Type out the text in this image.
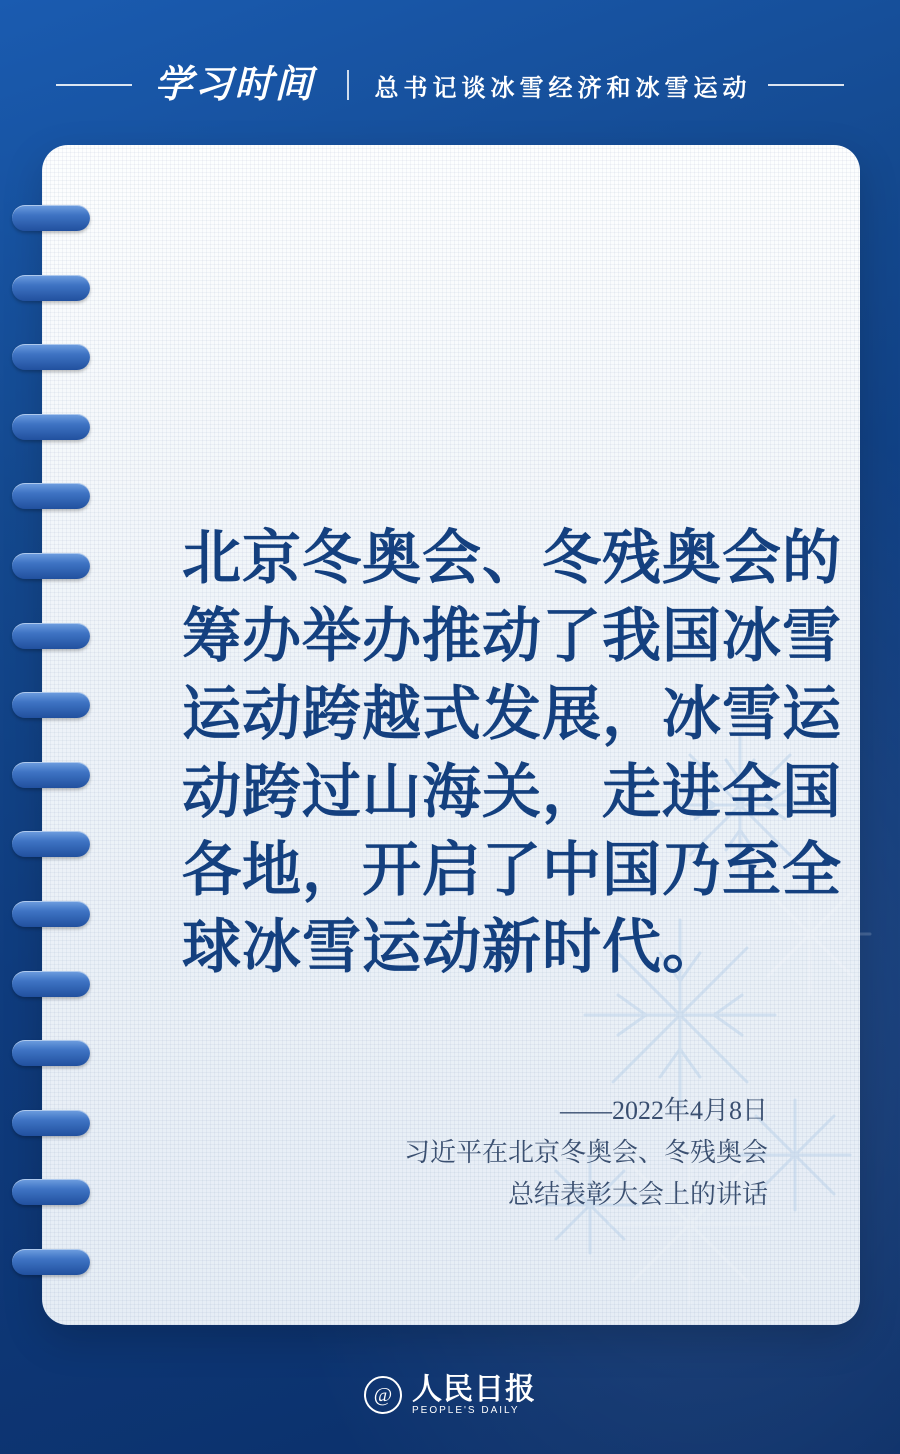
学习时间	总书记谈冰雪经济和冰雪运动
北京冬奥会、冬残奥会的筹办举办推动了我国冰雪运动跨越式发展，冰雪运动跨过山海关，走进全国各地，开启了中国乃至全球冰雪运动新时代。
——2022年4月8日
习近平在北京冬奥会、冬残奥会
总结表彰大会上的讲话
@ 人民日报
PEOPLE'S DAILY
